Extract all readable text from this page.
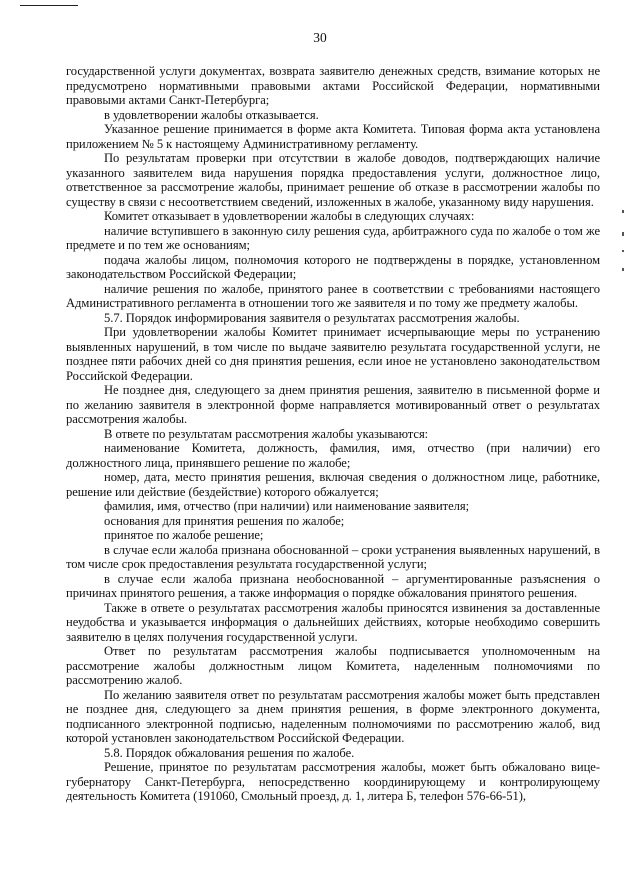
30

государственной услуги документах, возврата заявителю денежных средств, взимание которых не предусмотрено нормативными правовыми актами Российской Федерации, нормативными правовыми актами Санкт-Петербурга;

в удовлетворении жалобы отказывается.

Указанное решение принимается в форме акта Комитета. Типовая форма акта установлена приложением № 5 к настоящему Административному регламенту.

По результатам проверки при отсутствии в жалобе доводов, подтверждающих наличие указанного заявителем вида нарушения порядка предоставления услуги, должностное лицо, ответственное за рассмотрение жалобы, принимает решение об отказе в рассмотрении жалобы по существу в связи с несоответствием сведений, изложенных в жалобе, указанному виду нарушения.

Комитет отказывает в удовлетворении жалобы в следующих случаях:

наличие вступившего в законную силу решения суда, арбитражного суда по жалобе о том же предмете и по тем же основаниям;

подача жалобы лицом, полномочия которого не подтверждены в порядке, установленном законодательством Российской Федерации;

наличие решения по жалобе, принятого ранее в соответствии с требованиями настоящего Административного регламента в отношении того же заявителя и по тому же предмету жалобы.

5.7. Порядок информирования заявителя о результатах рассмотрения жалобы.

При удовлетворении жалобы Комитет принимает исчерпывающие меры по устранению выявленных нарушений, в том числе по выдаче заявителю результата государственной услуги, не позднее пяти рабочих дней со дня принятия решения, если иное не установлено законодательством Российской Федерации.

Не позднее дня, следующего за днем принятия решения, заявителю в письменной форме и по желанию заявителя в электронной форме направляется мотивированный ответ о результатах рассмотрения жалобы.

В ответе по результатам рассмотрения жалобы указываются:

наименование Комитета, должность, фамилия, имя, отчество (при наличии) его должностного лица, принявшего решение по жалобе;

номер, дата, место принятия решения, включая сведения о должностном лице, работнике, решение или действие (бездействие) которого обжалуется;

фамилия, имя, отчество (при наличии) или наименование заявителя;

основания для принятия решения по жалобе;

принятое по жалобе решение;

в случае если жалоба признана обоснованной – сроки устранения выявленных нарушений, в том числе срок предоставления результата государственной услуги;

в случае если жалоба признана необоснованной – аргументированные разъяснения о причинах принятого решения, а также информация о порядке обжалования принятого решения.

Также в ответе о результатах рассмотрения жалобы приносятся извинения за доставленные неудобства и указывается информация о дальнейших действиях, которые необходимо совершить заявителю в целях получения государственной услуги.

Ответ по результатам рассмотрения жалобы подписывается уполномоченным на рассмотрение жалобы должностным лицом Комитета, наделенным полномочиями по рассмотрению жалоб.

По желанию заявителя ответ по результатам рассмотрения жалобы может быть представлен не позднее дня, следующего за днем принятия решения, в форме электронного документа, подписанного электронной подписью, наделенным полномочиями по рассмотрению жалоб, вид которой установлен законодательством Российской Федерации.

5.8. Порядок обжалования решения по жалобе.

Решение, принятое по результатам рассмотрения жалобы, может быть обжаловано вице-губернатору Санкт-Петербурга, непосредственно координирующему и контролирующему деятельность Комитета (191060, Смольный проезд, д. 1, литера Б, телефон 576-66-51),
